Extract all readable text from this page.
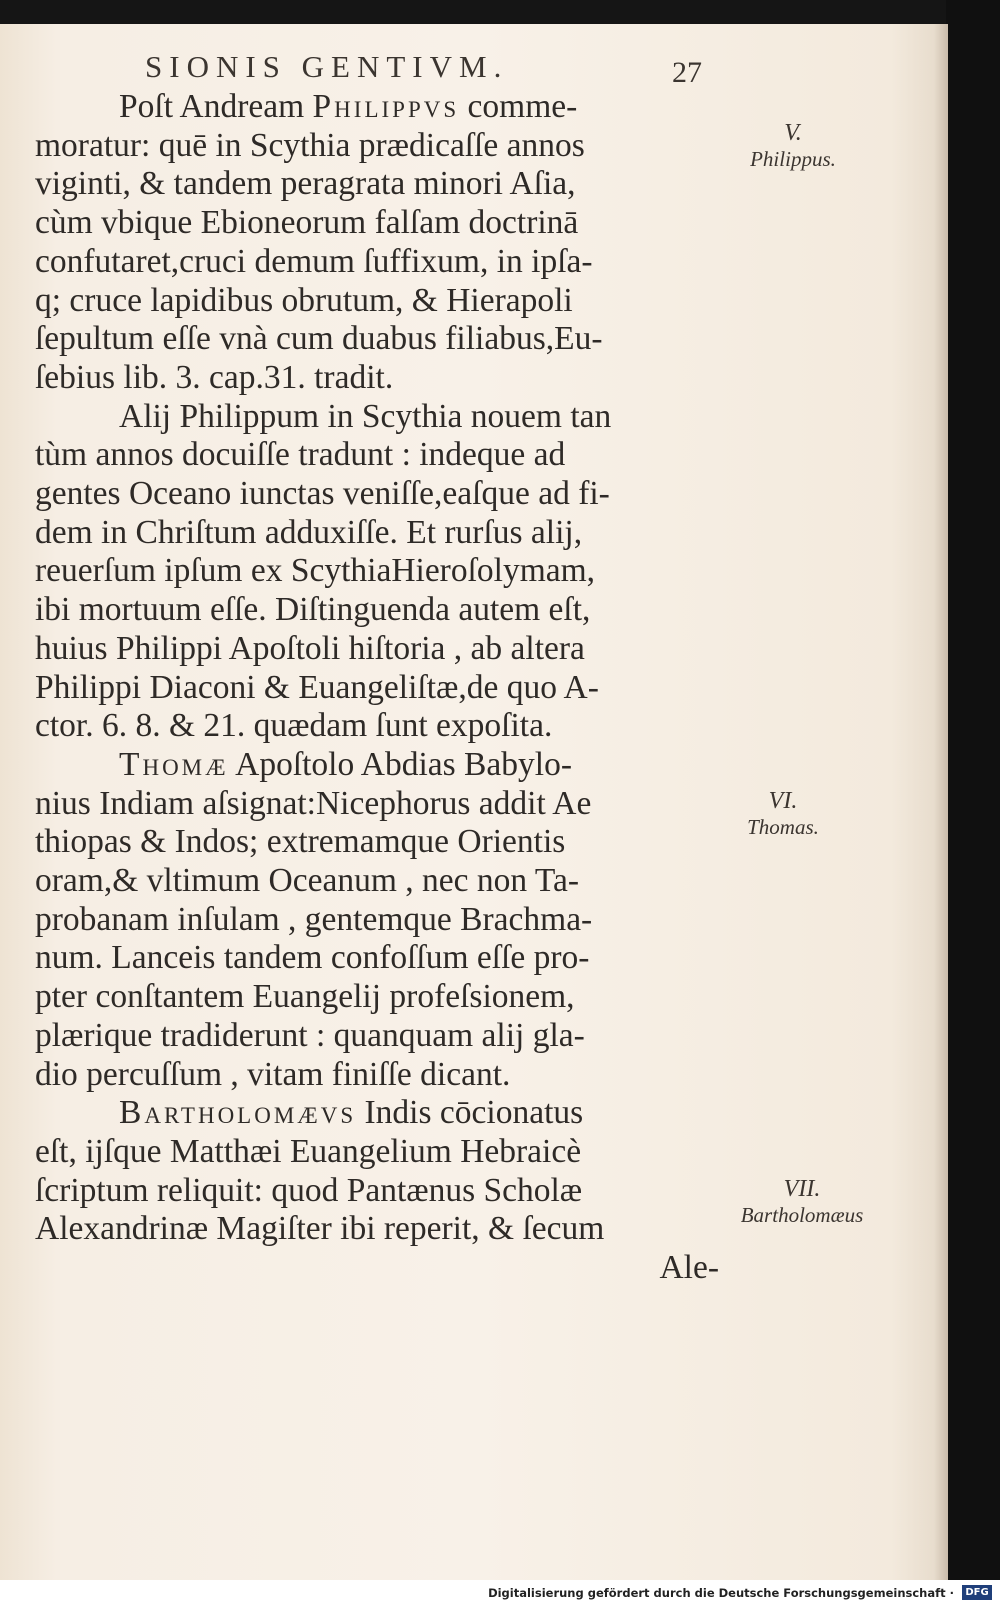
SIONIS GENTIVM.	27
Poſt Andream Philippvs comme-
moratur: quē in Scythia prædicaſſe annos
viginti, & tandem peragrata minori Aſia,
cùm vbique Ebioneorum falſam doctrinā
confutaret,cruci demum ſuffixum, in ipſa-
q; cruce lapidibus obrutum, & Hierapoli
ſepultum eſſe vnà cum duabus filiabus,Eu-
ſebius lib. 3. cap.31. tradit.
Alij Philippum in Scythia nouem tan
tùm annos docuiſſe tradunt : indeque ad
gentes Oceano iunctas veniſſe,eaſque ad fi-
dem in Chriſtum adduxiſſe. Et rurſus alij,
reuerſum ipſum ex ScythiaHieroſolymam,
ibi mortuum eſſe. Diſtinguenda autem eſt,
huius Philippi Apoſtoli hiſtoria , ab altera
Philippi Diaconi & Euangeliſtæ,de quo A-
ctor. 6. 8. & 21. quædam ſunt expoſita.
Thomæ Apoſtolo Abdias Babylo-
nius Indiam aſsignat:Nicephorus addit Ae
thiopas & Indos; extremamque Orientis
oram,& vltimum Oceanum , nec non Ta-
probanam inſulam , gentemque Brachma-
num. Lanceis tandem confoſſum eſſe pro-
pter conſtantem Euangelij profeſsionem,
plærique tradiderunt : quanquam alij gla-
dio percuſſum , vitam finiſſe dicant.
Bartholomævs Indis cōcionatus
eſt, ijſque Matthæi Euangelium Hebraicè
ſcriptum reliquit: quod Pantænus Scholæ
Alexandrinæ Magiſter ibi reperit, & ſecum
Ale-
V.
Philippus.
VI.
Thomas.
VII.
Bartholomæus
Digitalisierung gefördert durch die Deutsche Forschungsgemeinschaft ·	DFG
